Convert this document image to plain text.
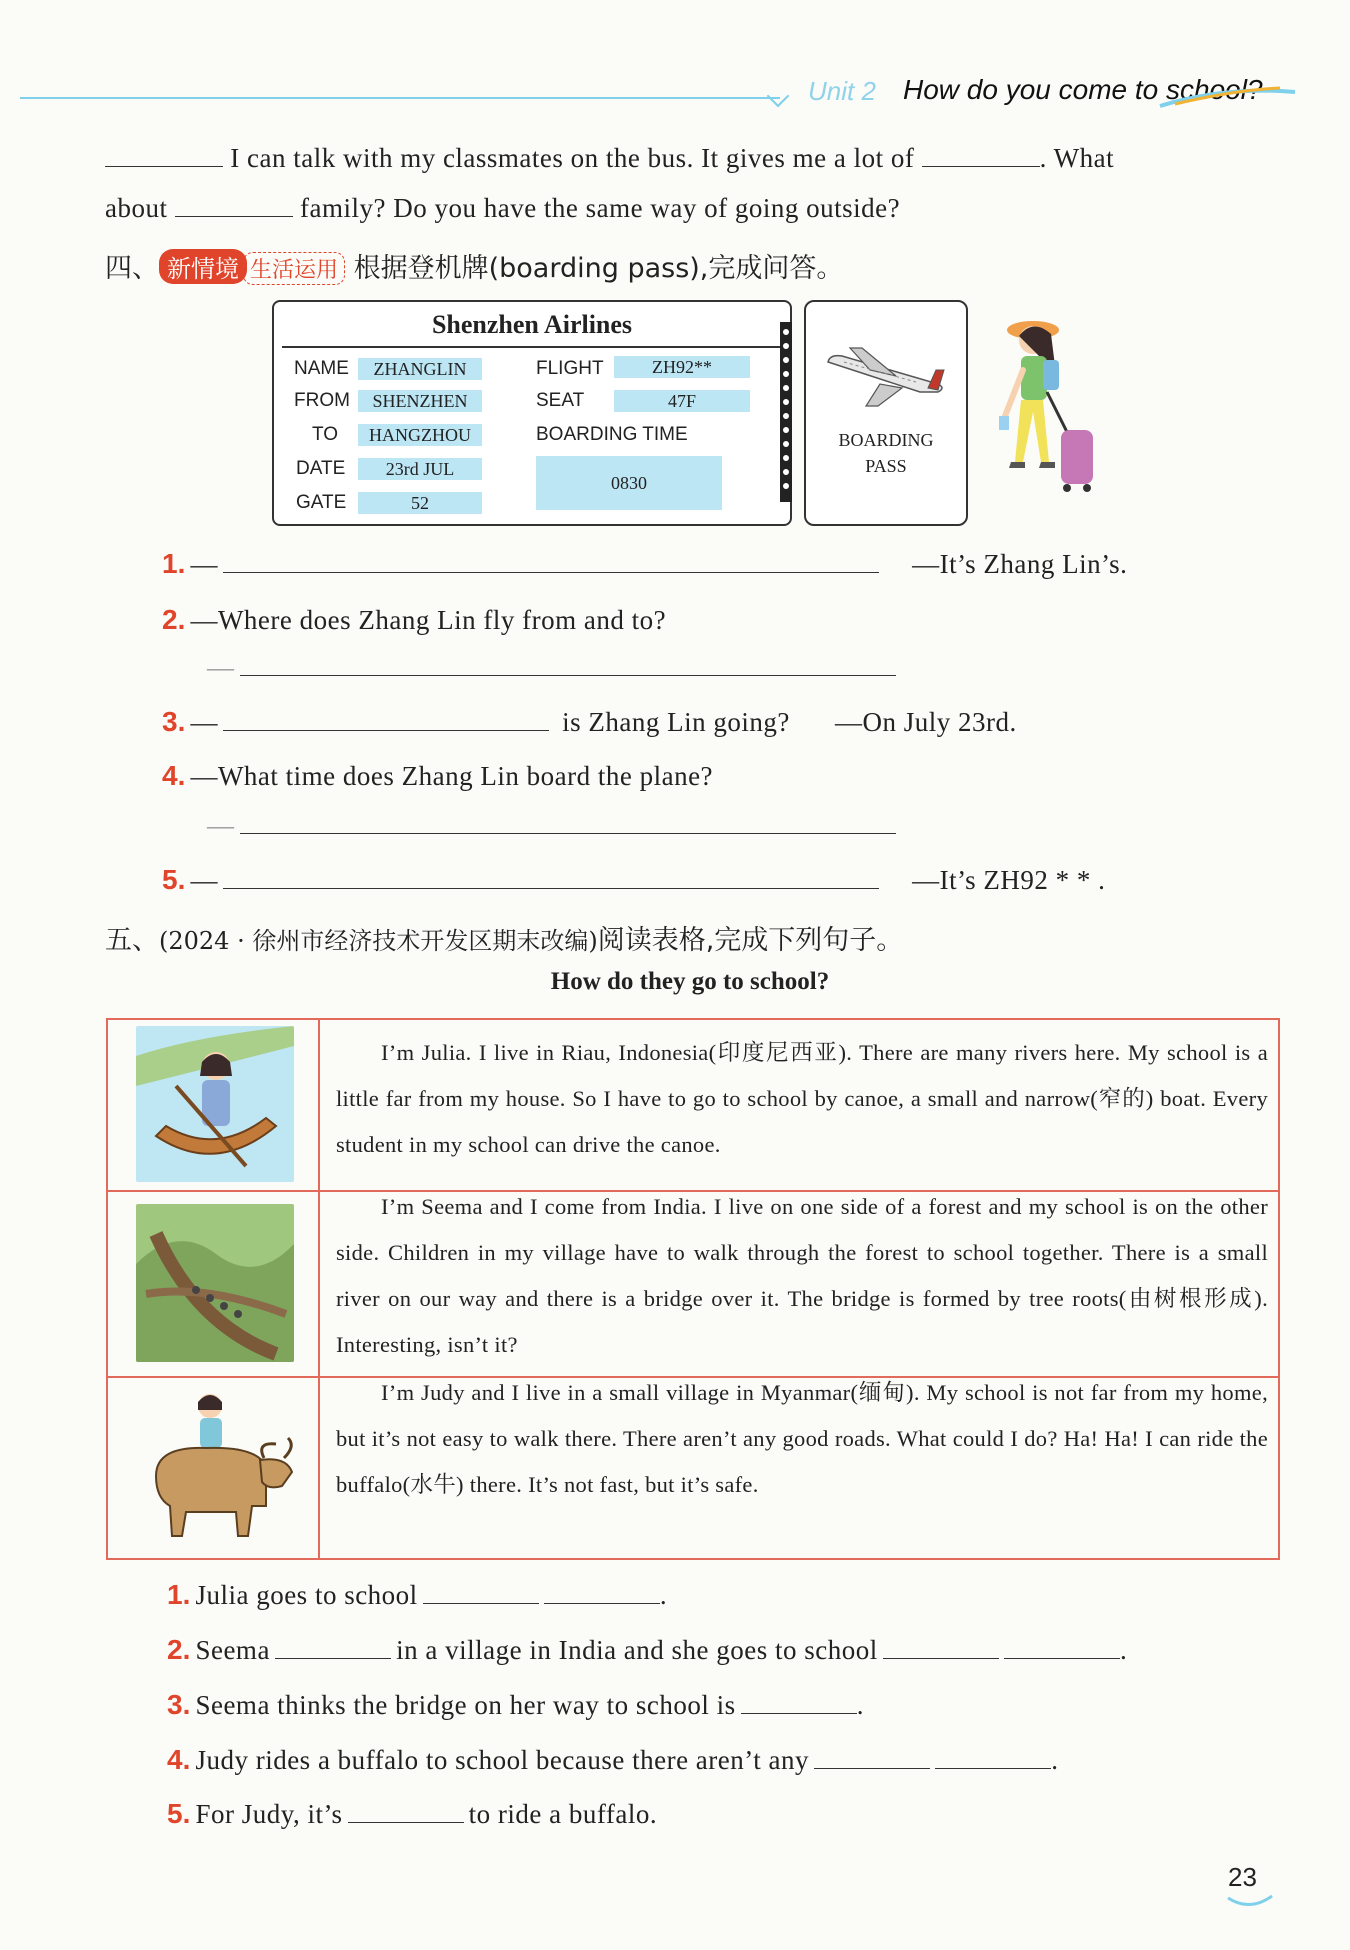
Unit 2 How do you come to school?
I can talk with my classmates on the bus. It gives me a lot of	. What
about	family? Do you have the same way of going outside?
四、 新情境 生活运用 根据登机牌(boarding pass),完成问答。
Shenzhen Airlines
NAME	ZHANGLIN
FROM	SHENZHEN
TO	HANGZHOU
DATE	23rd JUL
GATE	52
FLIGHT	ZH92**
SEAT	47F
BOARDING TIME
0830
BOARDING
PASS
1. —	—It’s Zhang Lin’s.
2. —Where does Zhang Lin fly from and to?
—
3. —	is Zhang Lin going? —On July 23rd.
4. —What time does Zhang Lin board the plane?
—
5. —	—It’s ZH92 * * .
五、(2024 · 徐州市经济技术开发区期末改编)阅读表格,完成下列句子。
How do they go to school?
I’m Julia. I live in Riau, Indonesia(印度尼西亚). There are many rivers here. My school is a little far from my house. So I have to go to school by canoe, a small and narrow(窄的) boat. Every student in my school can drive the canoe.
I’m Seema and I come from India. I live on one side of a forest and my school is on the other side. Children in my village have to walk through the forest to school together. There is a small river on our way and there is a bridge over it. The bridge is formed by tree roots(由树根形成). Interesting, isn’t it?
I’m Judy and I live in a small village in Myanmar(缅甸). My school is not far from my home, but it’s not easy to walk there. There aren’t any good roads. What could I do? Ha! Ha! I can ride the buffalo(水牛) there. It’s not fast, but it’s safe.
1. Julia goes to school	.
2. Seema	in a village in India and she goes to school	.
3. Seema thinks the bridge on her way to school is	.
4. Judy rides a buffalo to school because there aren’t any	.
5. For Judy, it’s	to ride a buffalo.
23
